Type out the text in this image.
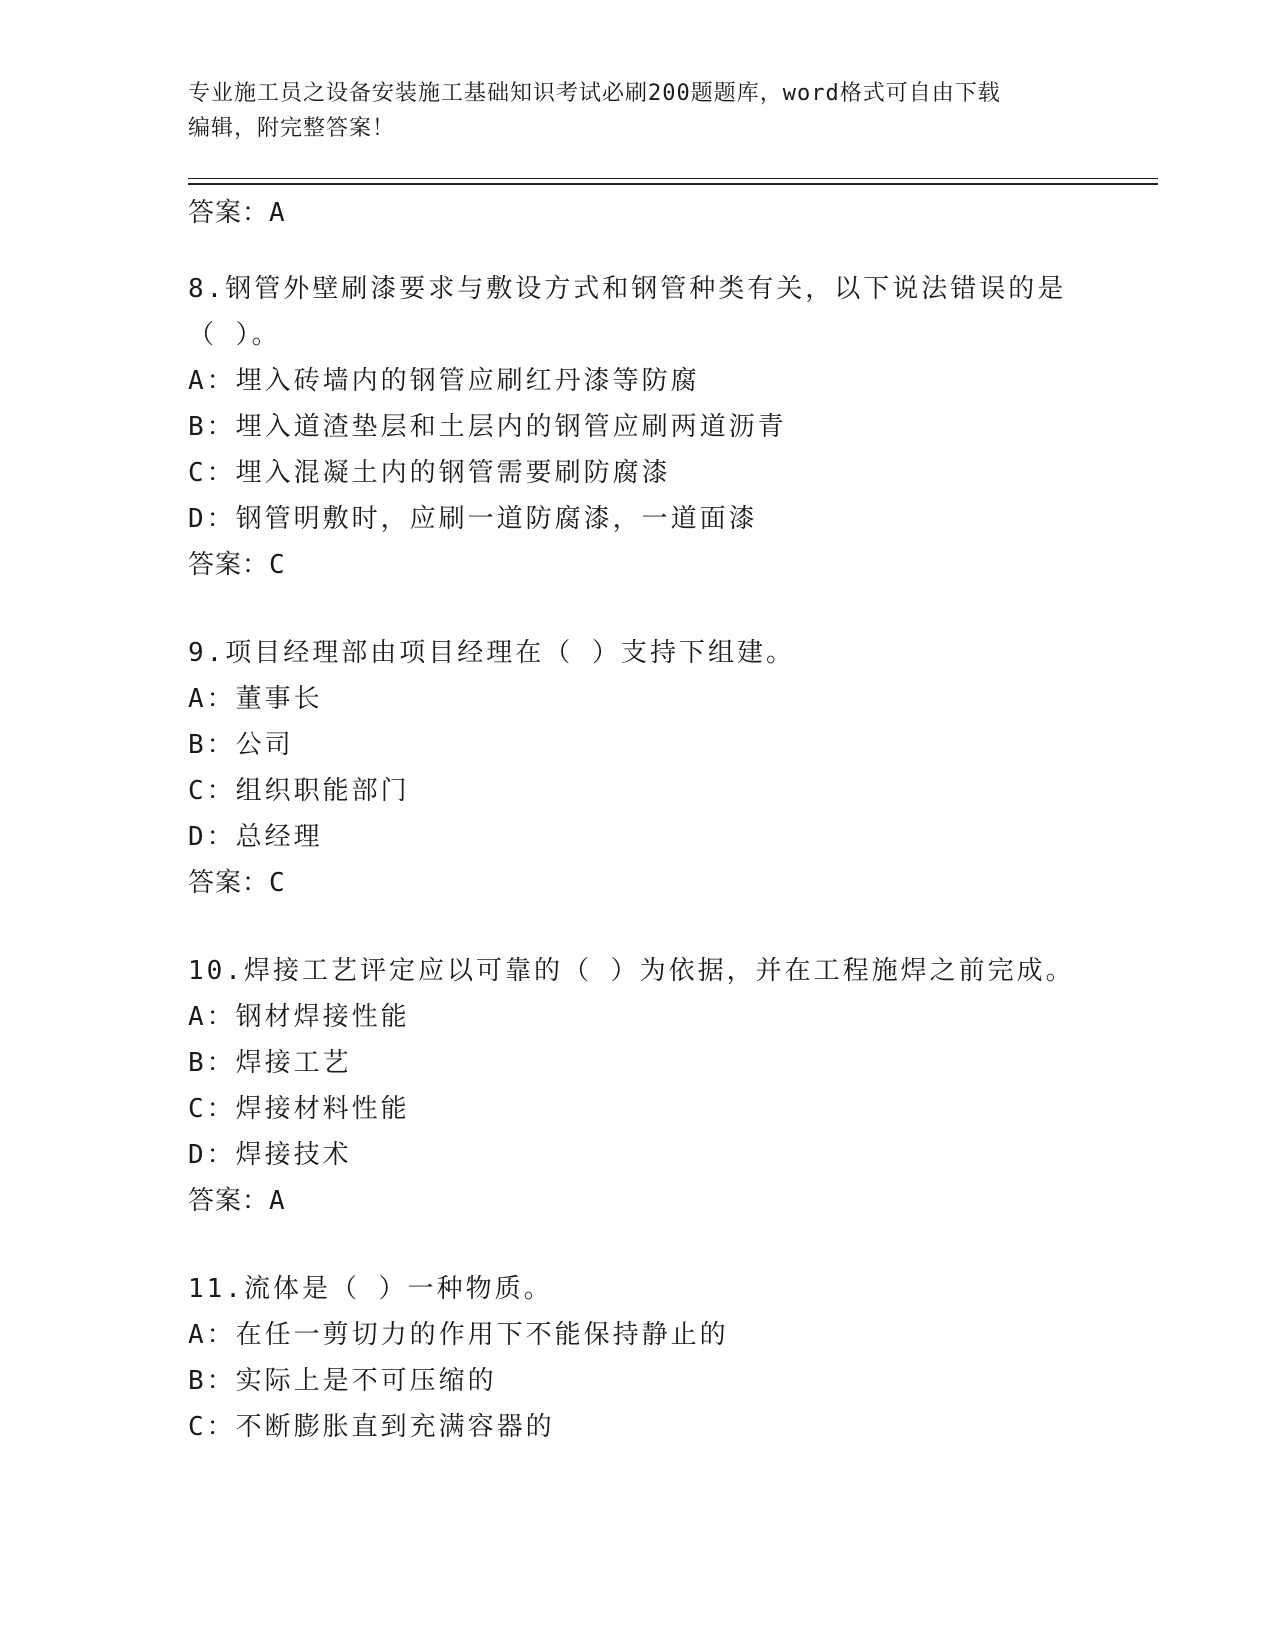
专业施工员之设备安装施工基础知识考试必刷200题题库，word格式可自由下载
编辑，附完整答案！
答案：A
8.钢管外壁刷漆要求与敷设方式和钢管种类有关，以下说法错误的是
（ ）。
A：埋入砖墙内的钢管应刷红丹漆等防腐
B：埋入道渣垫层和土层内的钢管应刷两道沥青
C：埋入混凝土内的钢管需要刷防腐漆
D：钢管明敷时，应刷一道防腐漆，一道面漆
答案：C
9.项目经理部由项目经理在（ ）支持下组建。
A：董事长
B：公司
C：组织职能部门
D：总经理
答案：C
10.焊接工艺评定应以可靠的（ ）为依据，并在工程施焊之前完成。
A：钢材焊接性能
B：焊接工艺
C：焊接材料性能
D：焊接技术
答案：A
11.流体是（ ）一种物质。
A：在任一剪切力的作用下不能保持静止的
B：实际上是不可压缩的
C：不断膨胀直到充满容器的
